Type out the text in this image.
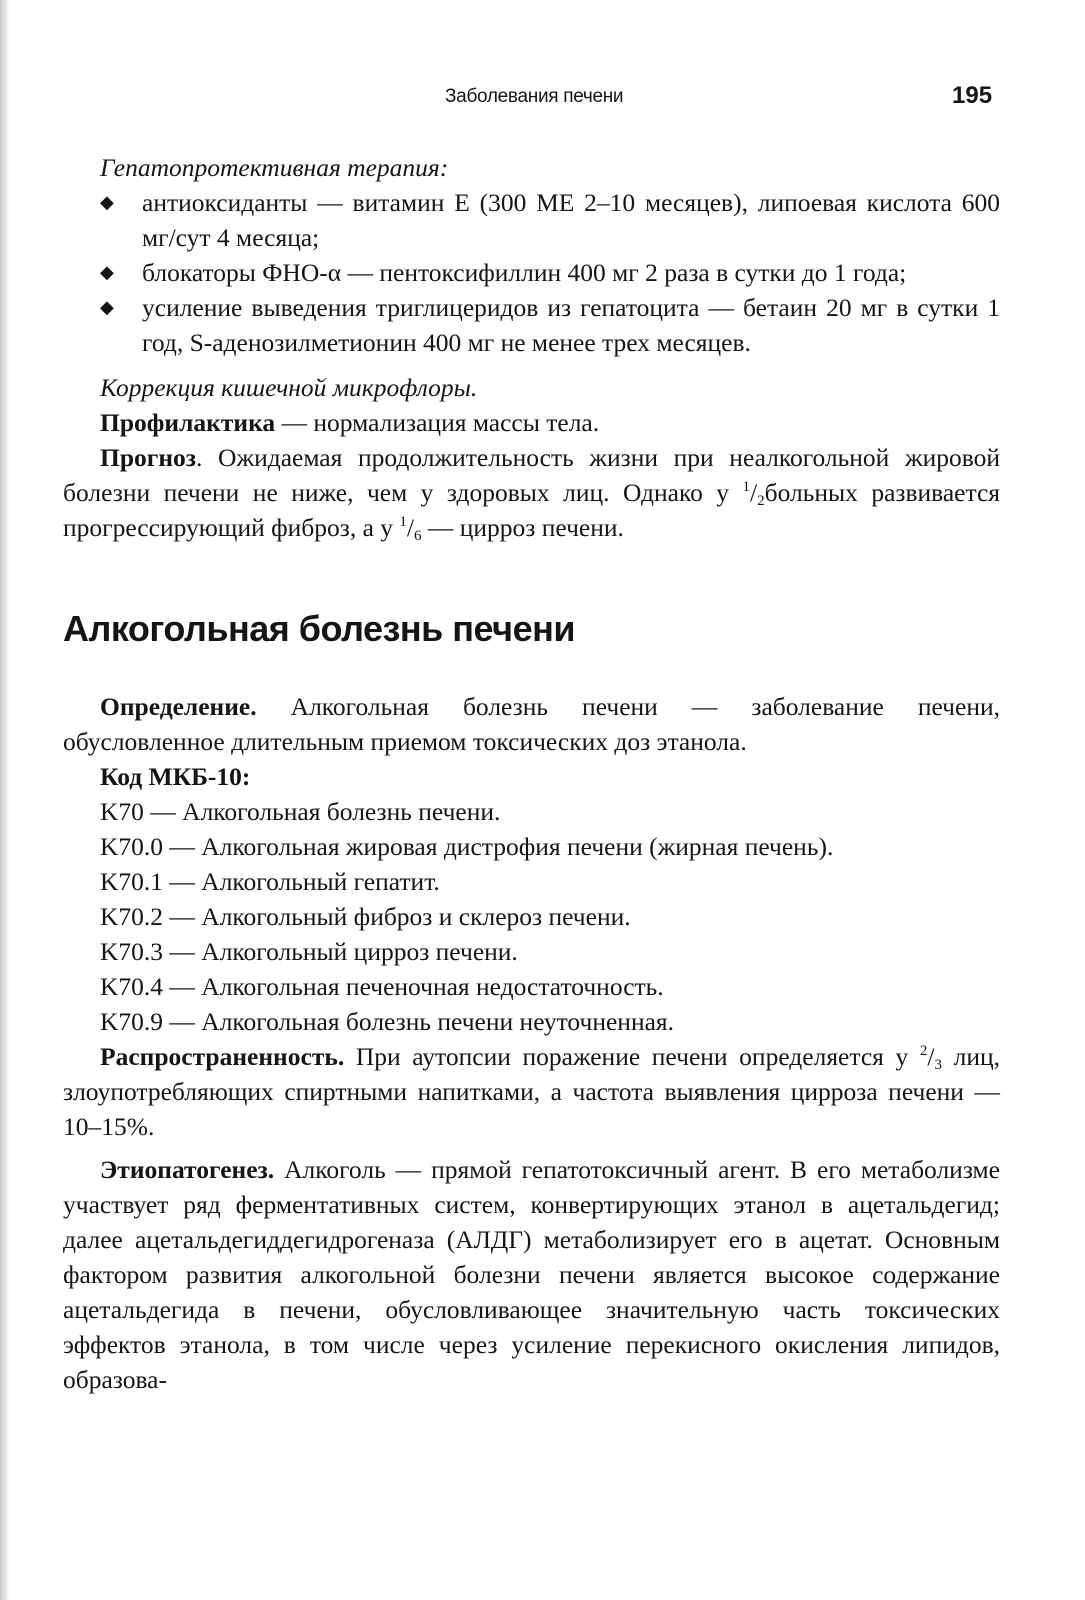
Заболевания печени	195

Гепатопротективная терапия:

◆ антиоксиданты — витамин Е (300 МЕ 2–10 месяцев), липоевая кислота 600 мг/сут 4 месяца;
◆ блокаторы ФНО-α — пентоксифиллин 400 мг 2 раза в сутки до 1 года;
◆ усиление выведения триглицеридов из гепатоцита — бетаин 20 мг в сутки 1 год, S-аденозилметионин 400 мг не менее трех месяцев.

Коррекция кишечной микрофлоры.

Профилактика — нормализация массы тела.

Прогноз. Ожидаемая продолжительность жизни при неалкогольной жировой болезни печени не ниже, чем у здоровых лиц. Однако у $^1/_2больных$ развивается прогрессирующий фиброз, а у $^1/_6$ — цирроз печени.

Алкогольная болезнь печени

Определение. Алкогольная болезнь печени — заболевание печени, обусловленное длительным приемом токсических доз этанола.

Код МКБ-10:

K70 — Алкогольная болезнь печени.

K70.0 — Алкогольная жировая дистрофия печени (жирная печень).

K70.1 — Алкогольный гепатит.

K70.2 — Алкогольный фиброз и склероз печени.

K70.3 — Алкогольный цирроз печени.

K70.4 — Алкогольная печеночная недостаточность.

K70.9 — Алкогольная болезнь печени неуточненная.

Распространенность. При аутопсии поражение печени определяется у $^2/_3$ лиц, злоупотребляющих спиртными напитками, а частота выявления цирроза печени — 10–15%.

Этиопатогенез. Алкоголь — прямой гепатотоксичный агент. В его метаболизме участвует ряд ферментативных систем, конвертирующих этанол в ацетальдегид; далее ацетальдегиддегидрогеназа (АЛДГ) метаболизирует его в ацетат. Основным фактором развития алкогольной болезни печени является высокое содержание ацетальдегида в печени, обусловливающее значительную часть токсических эффектов этанола, в том числе через усиление перекисного окисления липидов, образова-
